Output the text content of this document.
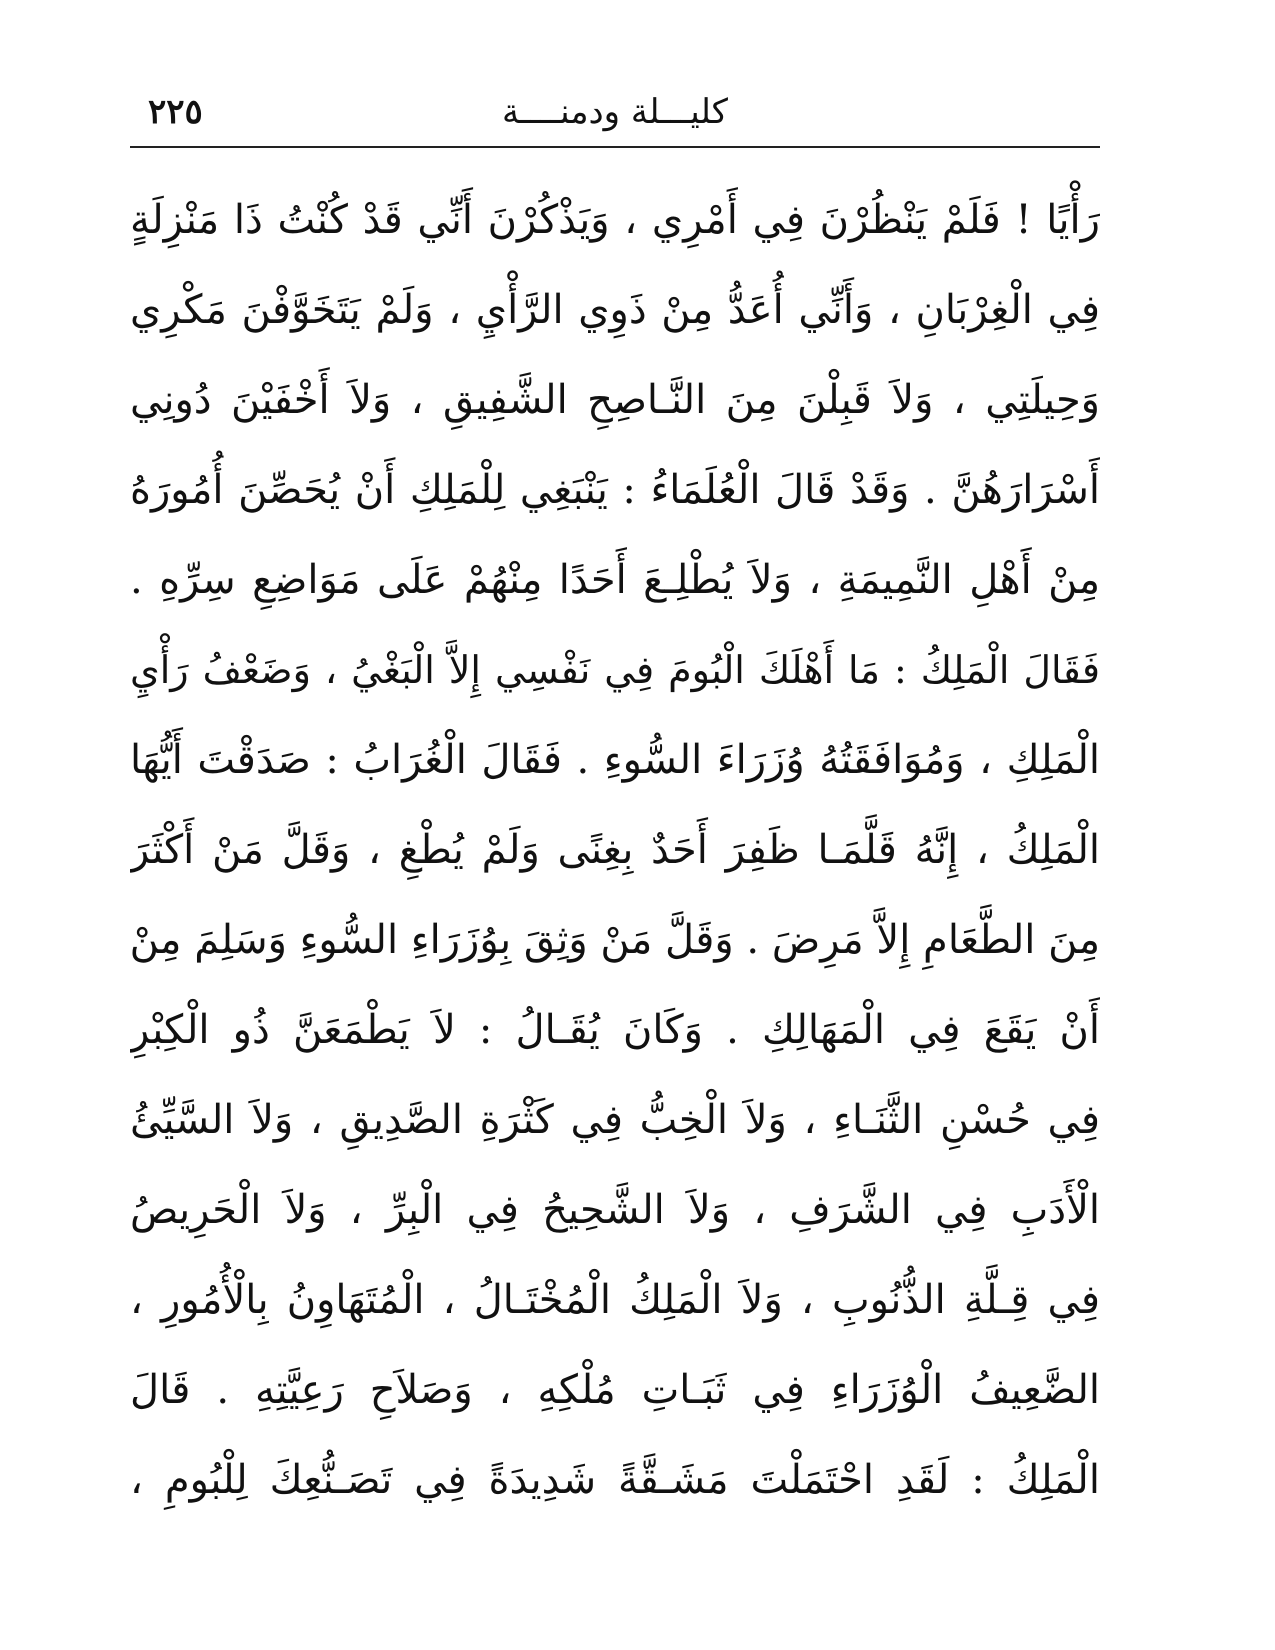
كليـــلة ودمنــــة
٢٢٥
رَأْيًا ! فَلَمْ يَنْظُرْنَ فِي أَمْرِي ، وَيَذْكُرْنَ أَنِّي قَدْ كُنْتُ ذَا مَنْزِلَةٍ
فِي الْغِرْبَانِ ، وَأَنِّي أُعَدُّ مِنْ ذَوِي الرَّأْيِ ، وَلَمْ يَتَخَوَّفْنَ مَكْرِي
وَحِيلَتِي ، وَلاَ قَبِلْنَ مِنَ النَّـاصِحِ الشَّفِيقِ ، وَلاَ أَخْفَيْنَ دُونِي
أَسْرَارَهُنَّ . وَقَدْ قَالَ الْعُلَمَاءُ : يَنْبَغِي لِلْمَلِكِ أَنْ يُحَصِّنَ أُمُورَهُ
مِنْ أَهْلِ النَّمِيمَةِ ، وَلاَ يُطْلِـعَ أَحَدًا مِنْهُمْ عَلَى مَوَاضِعِ سِرِّهِ .
فَقَالَ الْمَلِكُ : مَا أَهْلَكَ الْبُومَ فِي نَفْسِي إِلاَّ الْبَغْيُ ، وَضَعْفُ رَأْيِ
الْمَلِكِ ، وَمُوَافَقَتُهُ وُزَرَاءَ السُّوءِ . فَقَالَ الْغُرَابُ : صَدَقْتَ أَيُّهَا
الْمَلِكُ ، إِنَّهُ قَلَّمَـا ظَفِرَ أَحَدٌ بِغِنًى وَلَمْ يُطْغِ ، وَقَلَّ مَنْ أَكْثَرَ
مِنَ الطَّعَامِ إِلاَّ مَرِضَ . وَقَلَّ مَنْ وَثِقَ بِوُزَرَاءِ السُّوءِ وَسَلِمَ مِنْ
أَنْ يَقَعَ فِي الْمَهَالِكِ . وَكَانَ يُقَـالُ : لاَ يَطْمَعَنَّ ذُو الْكِبْرِ
فِي حُسْنِ الثَّنَـاءِ ، وَلاَ الْخِبُّ فِي كَثْرَةِ الصَّدِيقِ ، وَلاَ السَّيِّئُ
الْأَدَبِ فِي الشَّرَفِ ، وَلاَ الشَّحِيحُ فِي الْبِرِّ ، وَلاَ الْحَرِيصُ
فِي قِـلَّةِ الذُّنُوبِ ، وَلاَ الْمَلِكُ الْمُخْتَـالُ ، الْمُتَهَاوِنُ بِالْأُمُورِ ،
الضَّعِيفُ الْوُزَرَاءِ فِي ثَبَـاتِ مُلْكِهِ ، وَصَلاَحِ رَعِيَّتِهِ . قَالَ
الْمَلِكُ : لَقَدِ احْتَمَلْتَ مَشَـقَّةً شَدِيدَةً فِي تَصَـنُّعِكَ لِلْبُومِ ،
